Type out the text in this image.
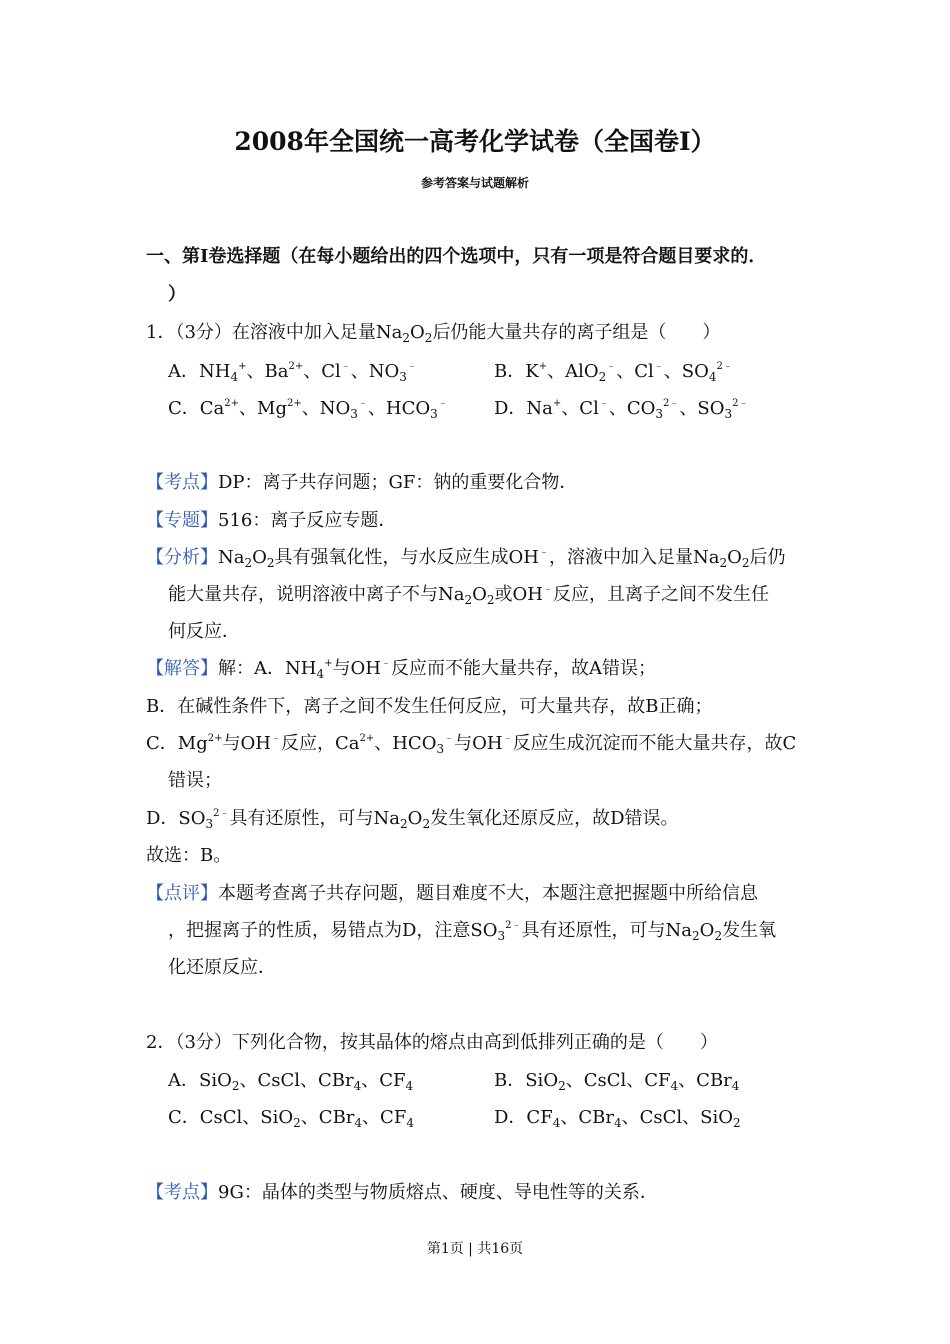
2008年全国统一高考化学试卷（全国卷I）
参考答案与试题解析
一、第I卷选择题（在每小题给出的四个选项中，只有一项是符合题目要求的．
）
1．（3分）在溶液中加入足量$Na_2O_2$后仍能大量共存的离子组是（　　）
A．$NH_4^+$、$Ba^{2+}$、Cl﹣、$NO_3^﹣$	B．K+、AlO$_2$﹣、Cl﹣、$SO_4^{2﹣}$
C．$Ca^{2+}$、$Mg^{2+}$、$NO_3^﹣$、$HCO_3^﹣$	D．Na+、Cl﹣、$CO_3^{2﹣}$、$SO_3^{2﹣}$
【考点】DP：离子共存问题；GF：钠的重要化合物．
【专题】516：离子反应专题．
【分析】$Na_2O_2$具有强氧化性，与水反应生成OH﹣，溶液中加入足量$Na_2O_2$后仍
能大量共存，说明溶液中离子不与$Na_2O_2$或OH﹣反应，且离子之间不发生任
何反应．
【解答】解：A．$NH_4^+$与OH﹣反应而不能大量共存，故A错误；
B．在碱性条件下，离子之间不发生任何反应，可大量共存，故B正确；
C．$Mg^{2+}$与OH﹣反应，$Ca^{2+}$、$HCO_3^﹣$与OH﹣反应生成沉淀而不能大量共存，故C
错误；
D．$SO_3^{2﹣}$具有还原性，可与$Na_2O_2$发生氧化还原反应，故D错误。
故选：B。
【点评】本题考查离子共存问题，题目难度不大，本题注意把握题中所给信息
，把握离子的性质，易错点为D，注意$SO_3^{2﹣}$具有还原性，可与$Na_2O_2$发生氧
化还原反应．
2．（3分）下列化合物，按其晶体的熔点由高到低排列正确的是（　　）
A．SiO$_2$、CsCl、CBr$_4$、$CF_4$	B．SiO$_2$、CsCl、$CF_4$、CBr$_4$
C．CsCl、SiO$_2$、CBr$_4$、$CF_4$	D．$CF_4$、CBr$_4$、CsCl、SiO$_2$
【考点】9G：晶体的类型与物质熔点、硬度、导电性等的关系．
第1页 | 共16页
